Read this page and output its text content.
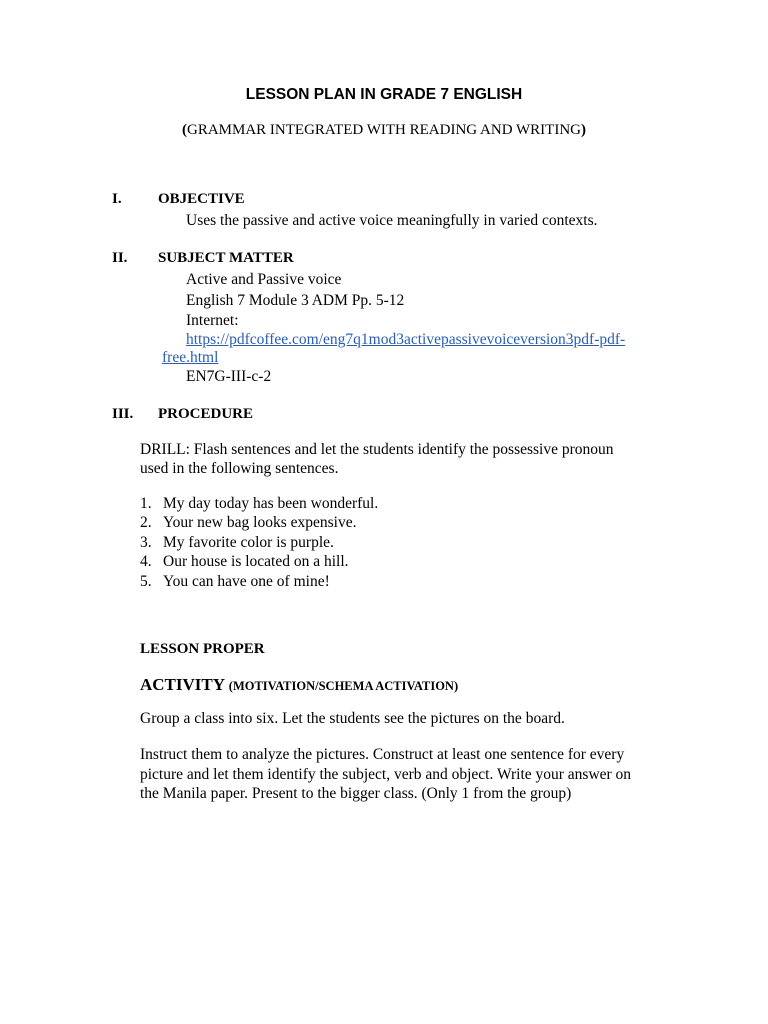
LESSON PLAN IN GRADE 7 ENGLISH
(GRAMMAR INTEGRATED WITH READING AND WRITING)
I. OBJECTIVE
Uses the passive and active voice meaningfully in varied contexts.
II. SUBJECT MATTER
Active and Passive voice
English 7 Module 3 ADM Pp. 5-12
Internet:
https://pdfcoffee.com/eng7q1mod3activepassivevoiceversion3pdf-pdf-
free.html
EN7G-III-c-2
III. PROCEDURE
DRILL: Flash sentences and let the students identify the possessive pronoun
used in the following sentences.
1. My day today has been wonderful.
2. Your new bag looks expensive.
3. My favorite color is purple.
4. Our house is located on a hill.
5. You can have one of mine!
LESSON PROPER
ACTIVITY (MOTIVATION/SCHEMA ACTIVATION)
Group a class into six. Let the students see the pictures on the board.
Instruct them to analyze the pictures. Construct at least one sentence for every
picture and let them identify the subject, verb and object. Write your answer on
the Manila paper. Present to the bigger class. (Only 1 from the group)
